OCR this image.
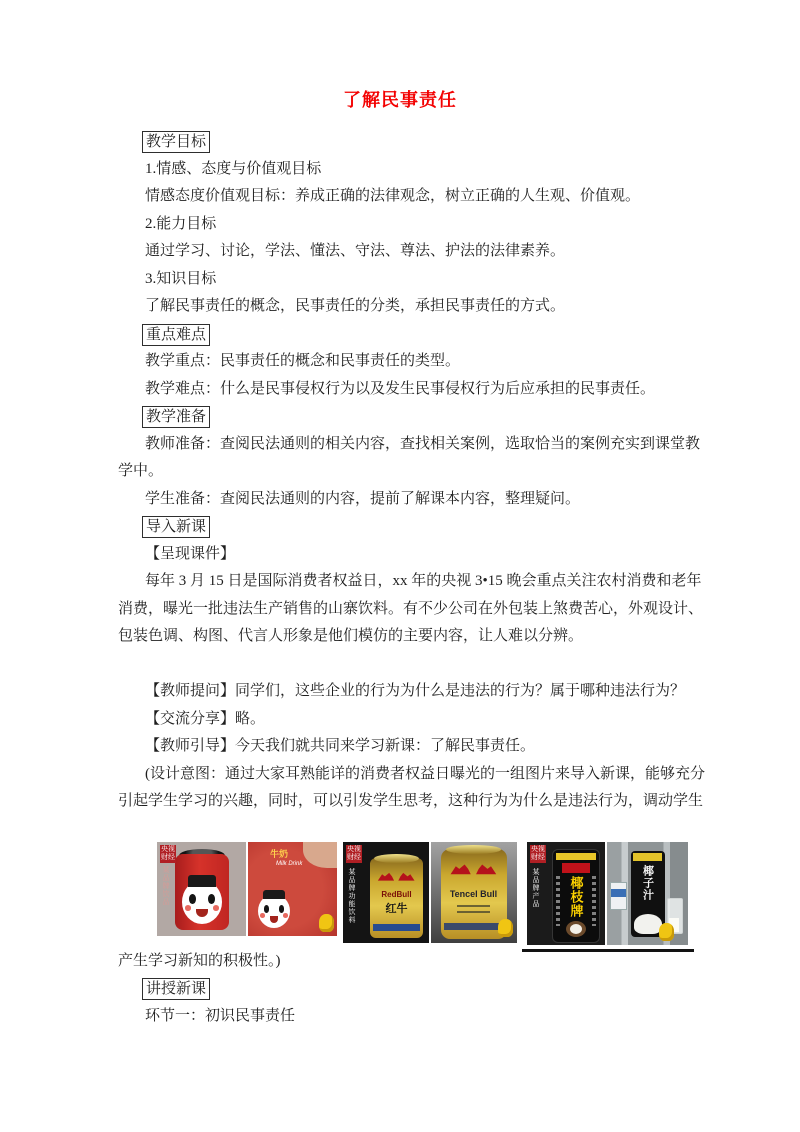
了解民事责任
教学目标
1.情感、态度与价值观目标
情感态度价值观目标：养成正确的法律观念，树立正确的人生观、价值观。
2.能力目标
通过学习、讨论，学法、懂法、守法、尊法、护法的法律素养。
3.知识目标
了解民事责任的概念，民事责任的分类，承担民事责任的方式。
重点难点
教学重点：民事责任的概念和民事责任的类型。
教学难点：什么是民事侵权行为以及发生民事侵权行为后应承担的民事责任。
教学准备
教师准备：查阅民法通则的相关内容，查找相关案例，选取恰当的案例充实到课堂教
学中。
学生准备：查阅民法通则的内容，提前了解课本内容，整理疑问。
导入新课
【呈现课件】
每年 3 月 15 日是国际消费者权益日，xx 年的央视 3•15 晚会重点关注农村消费和老年
消费，曝光一批违法生产销售的山寨饮料。有不少公司在外包装上煞费苦心，外观设计、
包装色调、构图、代言人形象是他们模仿的主要内容，让人难以分辨。
【教师提问】同学们，这些企业的行为为什么是违法的行为？属于哪种违法行为？
【交流分享】略。
【教师引导】今天我们就共同来学习新课：了解民事责任。
(设计意图：通过大家耳熟能详的消费者权益日曝光的一组图片来导入新课，能够充分
引起学生学习的兴趣，同时，可以引发学生思考，这种行为为什么是违法行为，调动学生
某品牌饮品
央视财经	牛奶
Milk Drink
RedBull
红牛
某品牌功能饮料
央视财经
Tencel Bull	椰枝牌
某品牌产品
央视财经
椰子汁
产生学习新知的积极性。)
讲授新课
环节一：初识民事责任
